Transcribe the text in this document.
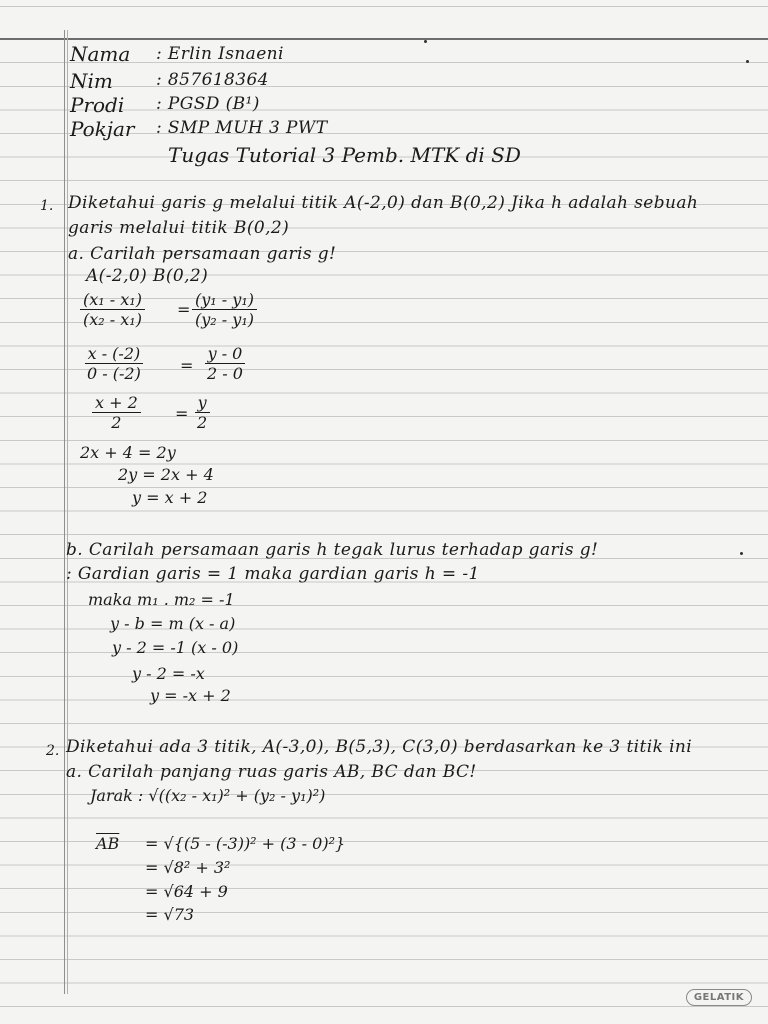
Nama : Erlin Isnaeni
Nim	: 857618364
Prodi : PGSD (B¹)
Pokjar : SMP MUH 3 PWT
Tugas Tutorial 3 Pemb. MTK di SD
1. Diketahui garis g melalui titik A(-2,0) dan B(0,2) Jika h adalah sebuah
garis melalui titik B(0,2)
a. Carilah persamaan garis g!
A(-2,0) B(0,2)
$\frac{\text{(x₁ - x₁)}}{\text{(x₂ - x₁)}} = \frac{\text{(y₁ - y₁)}}{\text{(y₂ - y₁)}}$
$\frac{x - (-2)}{0 - (-2)} = \frac{y - 0}{2 - 0}$
$\frac{x + 2}{2} = \frac{y}{2}$
2x + 4 = 2y
2y = 2x + 4
y = x + 2
b. Carilah persamaan garis h tegak lurus terhadap garis g!
: Gardian garis = 1 maka gardian garis h = -1
maka m₁ . m₂ = -1
y - b = m (x - a)
y - 2 = -1 (x - 0)
y - 2 = -x
y = -x + 2
2. Diketahui ada 3 titik, A(-3,0), B(5,3), C(3,0) berdasarkan ke 3 titik ini
a. Carilah panjang ruas garis AB, BC dan BC!
Jarak : √((x₂ - x₁)² + (y₂ - y₁)²)
$\overline{AB} = √\{(5 - (-3))^2 + (3 - 0)^2\}$
= √8² + 3²
= √64 + 9
= √73
GELATIK
